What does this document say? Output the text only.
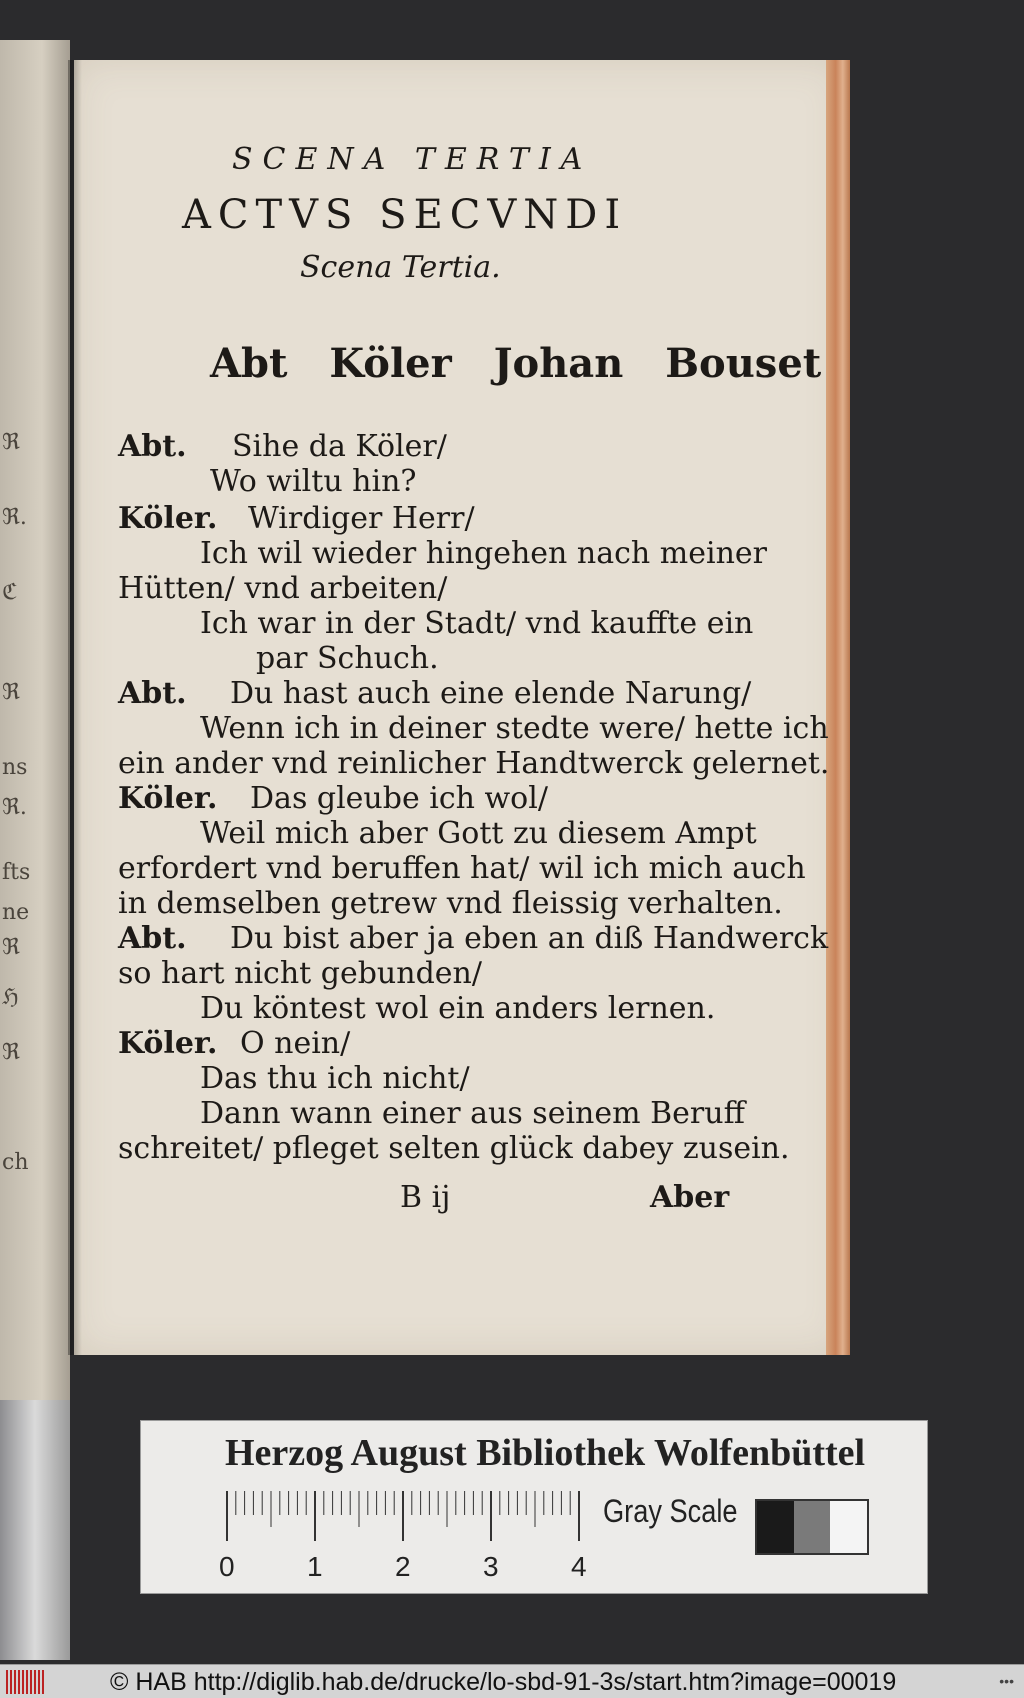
ℜ
ℜ.
ℭ
ℜ
ns
ℜ.
fts
ne
ℜ
ℌ
ℜ
ch
SCENA TERTIA
ACTVS SECVNDI
Scena Tertia.
Abt Köler Johan Bouset
Abt. Sihe da Köler/
Wo wiltu hin?
Köler. Wirdiger Herr/
Ich wil wieder hingehen nach meiner
Hütten/ vnd arbeiten/
Ich war in der Stadt/ vnd kauffte ein
par Schuch.
Abt. Du hast auch eine elende Narung/
Wenn ich in deiner stedte were/ hette ich
ein ander vnd reinlicher Handtwerck gelernet.
Köler. Das gleube ich wol/
Weil mich aber Gott zu diesem Ampt
erfordert vnd beruffen hat/ wil ich mich auch
in demselben getrew vnd fleissig verhalten.
Abt. Du bist aber ja eben an diß Handwerck
so hart nicht gebunden/
Du köntest wol ein anders lernen.
Köler. O nein/
Das thu ich nicht/
Dann wann einer aus seinem Beruff
schreitet/ pfleget selten glück dabey zusein.
B ij	Aber
Herzog August Bibliothek Wolfenbüttel
0	1	2	3	4
Gray Scale
© HAB http://diglib.hab.de/drucke/lo-sbd-91-3s/start.htm?image=00019	•••
